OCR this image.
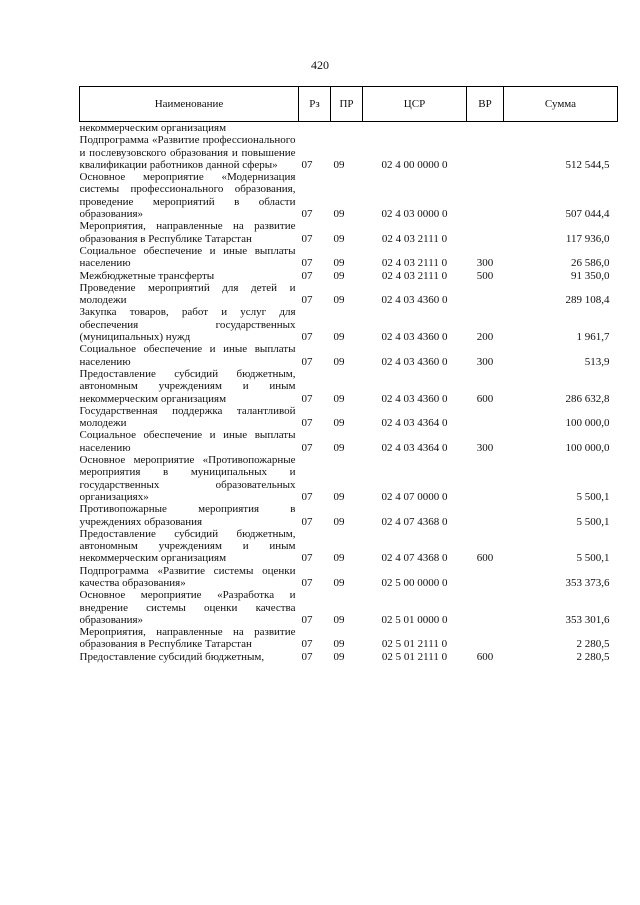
420
Наименование	Рз	ПР	ЦСР	ВР	Сумма
некоммерческим организациям					
Подпрограмма «Развитие профессионального и послевузовского образования и повышение квалификации работников данной сферы»	07	09	02 4 00 0000 0		512 544,5
Основное мероприятие «Модернизация системы профессионального образования, проведение мероприятий в области образования»	07	09	02 4 03 0000 0		507 044,4
Мероприятия, направленные на развитие образования в Республике Татарстан	07	09	02 4 03 2111 0		117 936,0
Социальное обеспечение и иные выплаты населению	07	09	02 4 03 2111 0	300	26 586,0
Межбюджетные трансферты	07	09	02 4 03 2111 0	500	91 350,0
Проведение мероприятий для детей и молодежи	07	09	02 4 03 4360 0		289 108,4
Закупка товаров, работ и услуг для обеспечения государственных (муниципальных) нужд	07	09	02 4 03 4360 0	200	1 961,7
Социальное обеспечение и иные выплаты населению	07	09	02 4 03 4360 0	300	513,9
Предоставление субсидий бюджетным, автономным учреждениям и иным некоммерческим организациям	07	09	02 4 03 4360 0	600	286 632,8
Государственная поддержка талантливой молодежи	07	09	02 4 03 4364 0		100 000,0
Социальное обеспечение и иные выплаты населению	07	09	02 4 03 4364 0	300	100 000,0
Основное мероприятие «Противопожарные мероприятия в муниципальных и государственных образовательных организациях»	07	09	02 4 07 0000 0		5 500,1
Противопожарные мероприятия в учреждениях образования	07	09	02 4 07 4368 0		5 500,1
Предоставление субсидий бюджетным, автономным учреждениям и иным некоммерческим организациям	07	09	02 4 07 4368 0	600	5 500,1
Подпрограмма «Развитие системы оценки качества образования»	07	09	02 5 00 0000 0		353 373,6
Основное мероприятие «Разработка и внедрение системы оценки качества образования»	07	09	02 5 01 0000 0		353 301,6
Мероприятия, направленные на развитие образования в Республике Татарстан	07	09	02 5 01 2111 0		2 280,5
Предоставление субсидий бюджетным,	07	09	02 5 01 2111 0	600	2 280,5
